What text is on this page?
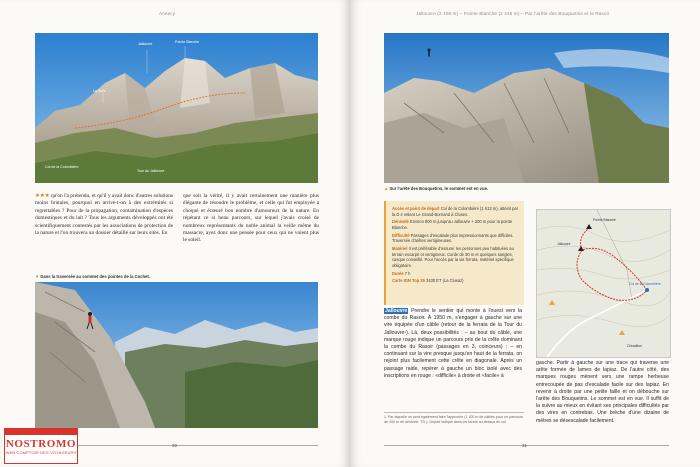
Annecy
Jallouvre	Pointe Blanche
La Salle
Col de la Colombière
Tour du Jallouvre
★★★ qu'on l'a prétendu, et qu'il y avait donc d'autres solutions moins brutales, pourquoi en arrive-t-on à des extrémités si regrettables ? Pour de la propagation, contamination d'espèces domestiques et du lait ? Tous les arguments développés ont été scientifiquement contestés par les associations de protection de la nature et l'on trouvera un dossier détaillé sur leurs sites. En
que soit la vérité, il y avait certainement une manière plus élégante de résoudre le problème, et celle qui fut employée a choqué et écœuré bon nombre d'amoureux de la nature. En répétant ce si beau parcours, sur lequel j'avais croisé de nombreux représentants du noble animal la veille même du massacre, ayez donc une pensée pour ceux qui ne voient plus le soleil.
▼ Dans la traversée au sommet des pointes de la Cochet.
30
Jallouvre (2 408 m) – Pointe Blanche (2 438 m) – Par l'arête des Bouquetins et le Rasoir
▲ Sur l'arête des Bouquetins, le sommet est en vue.
Jallouvre Prendre le sentier qui monte à l'ouest vers la combe du Rasoir. À 1950 m, s'engager à gauche sur une vire équipée d'un câble (retour de la ferrata de la Tour du Jallouvre¹). Là, deux possibilités : – au bout du câble, une marque rouge indique un parcours pris de la crête dominant la combe du Rasoir (passages en 3, coinceurs) ; – en continuant sur la vire presque jusqu'en haut de la ferrata, on rejoint plus facilement cette crête en diagonale. Après un passage raide, repérer à gauche un bloc isolé avec des inscriptions en rouge : «difficile» à droite et «facile» à
gauche. Partir à gauche sur une trace qui traverse une arête formée de lames de lapiaz. De l'autre côté, des marques rouges mènent vers une rampe herbeuse entrecoupée de pas d'escalade facile sur des lapiaz. En revenir à droite par une petite faille et on débouche sur l'arête des Bouquetins. Le sommet est en vue. Il suffit de la suivre au mieux en évitant ses principales difficultés par des vires en contrebas. Une brèche d'une dizaine de mètres se désescalade facilement.
31

Accès et point de départ Col de la Colombière (1 613 m), atteint par la D 4 reliant Le Grand-Bornand à Cluses.

Dénivelé Environ 800 m jusqu'au Jallouvre + 200 m pour la pointe Blanche.

Difficulté Passages d'escalade plus impressionnants que difficiles. Traversée d'arêtes vertigineuses.

Matériel Il est préférable d'assurer les personnes peu habituées au terrain escarpé et vertigineux. Corde de 30 m et quelques sangles, casque conseillé. Pour l'accès par la via ferrata, matériel spécifique obligatoire.

Durée 7 h

Carte IGN Top 25 3430 ET (La Clusaz)

Pointe Blanche
Jallouvre
Col de la Colombière
Chinaillon
1. Par laquelle on peut également faire l'approche (1 100 m de câbles pour un parcours de 450 m de dénivelé, TD-). Départ indiqué dans les lacets au-dessus du col.
NOSTROMO
WEB COMPTOIR DES VOYAGEURS
